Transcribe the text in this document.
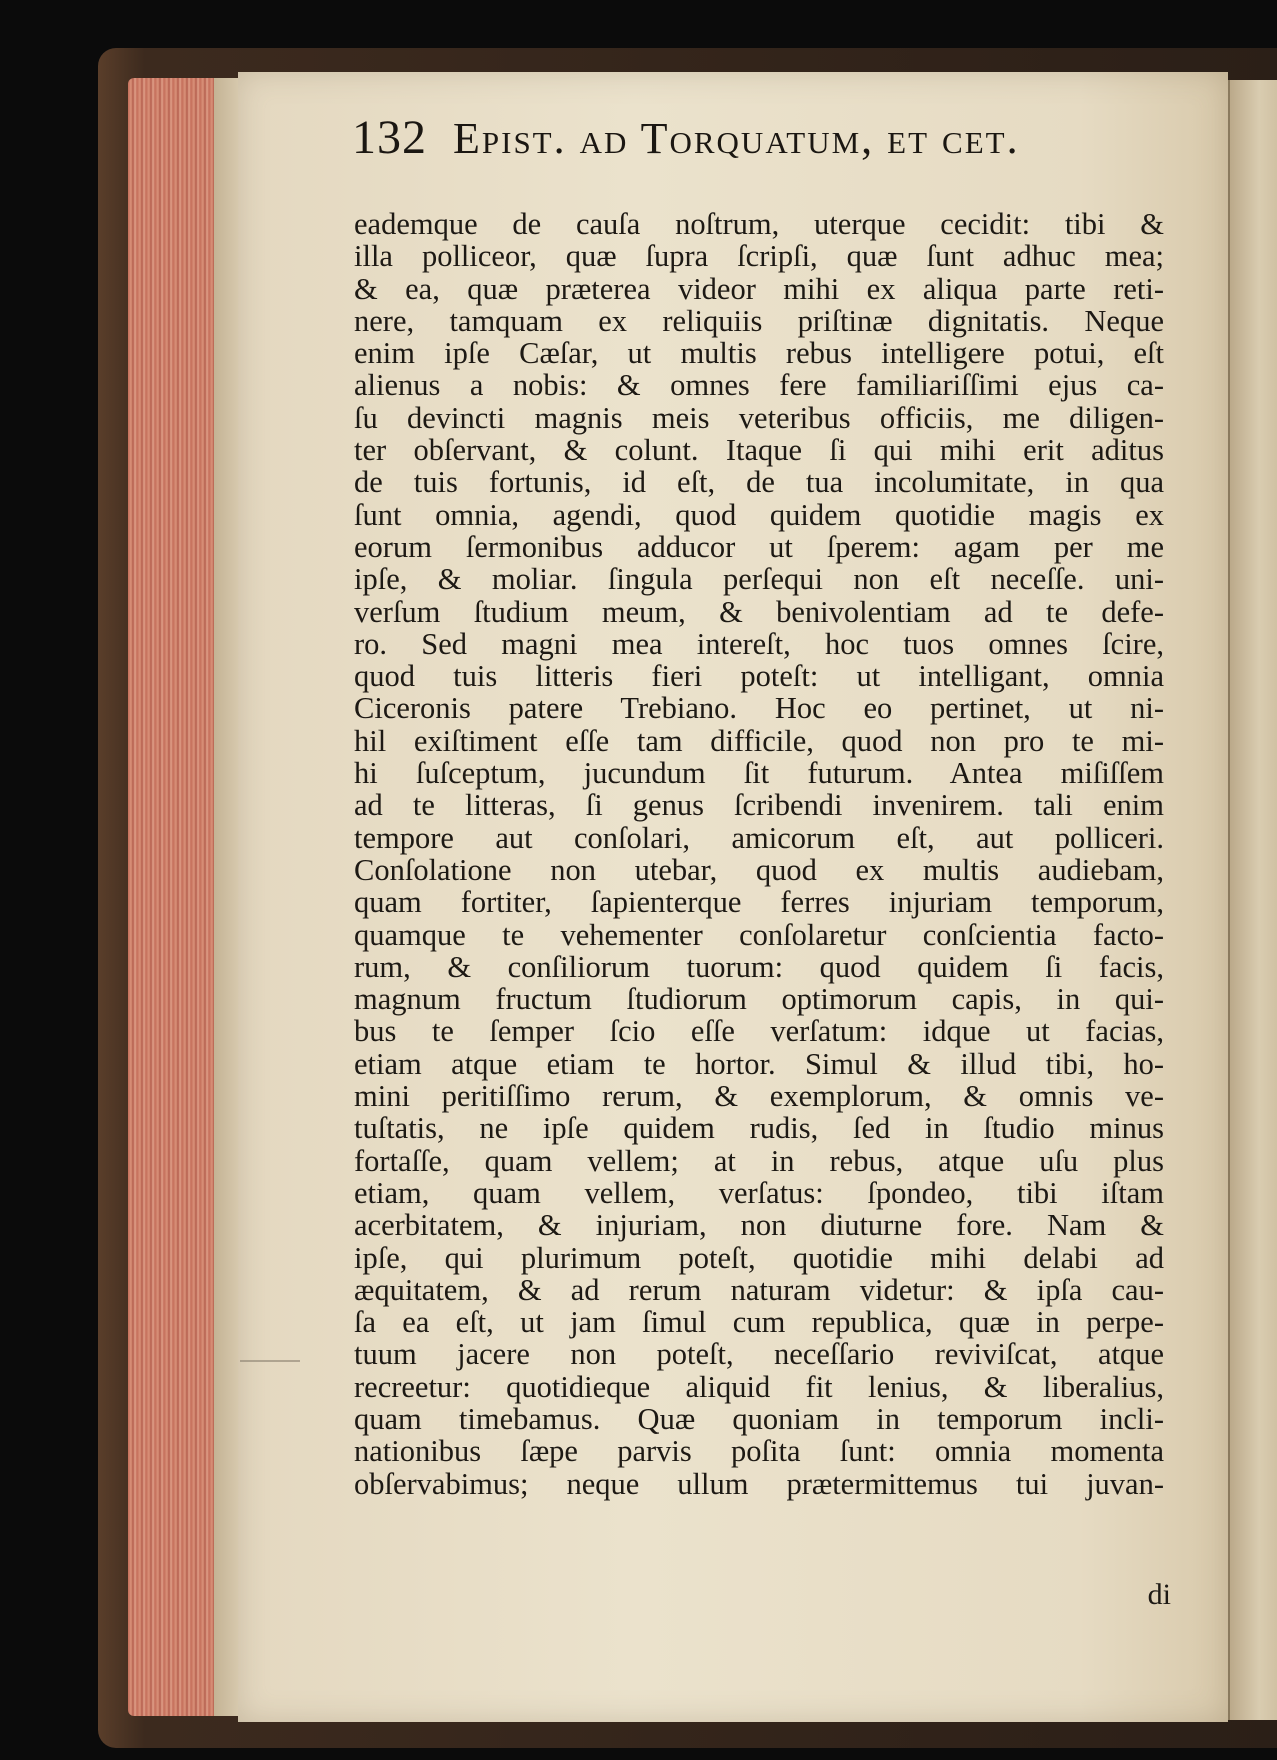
132 Epist. ad Torquatum, et cet.
eademque de cauſa noſtrum, uterque cecidit: tibi &
illa polliceor, quæ ſupra ſcripſi, quæ ſunt adhuc mea;
& ea, quæ præterea videor mihi ex aliqua parte reti-
nere, tamquam ex reliquiis priſtinæ dignitatis. Neque
enim ipſe Cæſar, ut multis rebus intelligere potui, eſt
alienus a nobis: & omnes fere familiariſſimi ejus ca-
ſu devincti magnis meis veteribus officiis, me diligen-
ter obſervant, & colunt. Itaque ſi qui mihi erit aditus
de tuis fortunis, id eſt, de tua incolumitate, in qua
ſunt omnia, agendi, quod quidem quotidie magis ex
eorum ſermonibus adducor ut ſperem: agam per me
ipſe, & moliar. ſingula perſequi non eſt neceſſe. uni-
verſum ſtudium meum, & benivolentiam ad te defe-
ro. Sed magni mea intereſt, hoc tuos omnes ſcire,
quod tuis litteris fieri poteſt: ut intelligant, omnia
Ciceronis patere Trebiano. Hoc eo pertinet, ut ni-
hil exiſtiment eſſe tam difficile, quod non pro te mi-
hi ſuſceptum, jucundum ſit futurum. Antea miſiſſem
ad te litteras, ſi genus ſcribendi invenirem. tali enim
tempore aut conſolari, amicorum eſt, aut polliceri.
Conſolatione non utebar, quod ex multis audiebam,
quam fortiter, ſapienterque ferres injuriam temporum,
quamque te vehementer conſolaretur conſcientia facto-
rum, & conſiliorum tuorum: quod quidem ſi facis,
magnum fructum ſtudiorum optimorum capis, in qui-
bus te ſemper ſcio eſſe verſatum: idque ut facias,
etiam atque etiam te hortor. Simul & illud tibi, ho-
mini peritiſſimo rerum, & exemplorum, & omnis ve-
tuſtatis, ne ipſe quidem rudis, ſed in ſtudio minus
fortaſſe, quam vellem; at in rebus, atque uſu plus
etiam, quam vellem, verſatus: ſpondeo, tibi iſtam
acerbitatem, & injuriam, non diuturne fore. Nam &
ipſe, qui plurimum poteſt, quotidie mihi delabi ad
æquitatem, & ad rerum naturam videtur: & ipſa cau-
ſa ea eſt, ut jam ſimul cum republica, quæ in perpe-
tuum jacere non poteſt, neceſſario reviviſcat, atque
recreetur: quotidieque aliquid fit lenius, & liberalius,
quam timebamus. Quæ quoniam in temporum incli-
nationibus ſæpe parvis poſita ſunt: omnia momenta
obſervabimus; neque ullum prætermittemus tui juvan-
di
